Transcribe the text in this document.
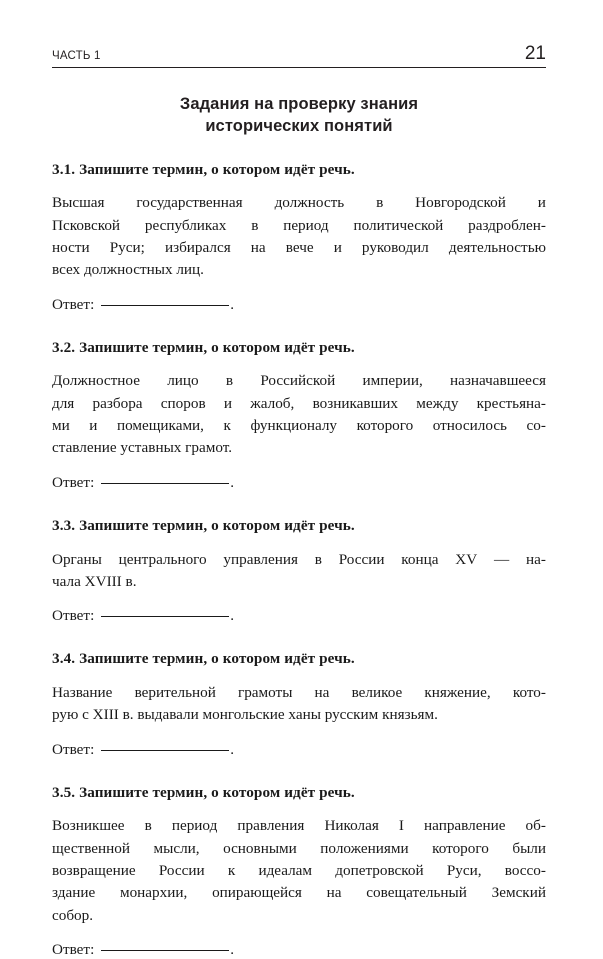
ЧАСТЬ 1	21
Задания на проверку знания
исторических понятий
3.1. Запишите термин, о котором идёт речь.
Высшая государственная должность в Новгородской и
Псковской республиках в период политической раздроблен-
ности Руси; избирался на вече и руководил деятельностью
всех должностных лиц.
Ответ:	.
3.2. Запишите термин, о котором идёт речь.
Должностное лицо в Российской империи, назначавшееся
для разбора споров и жалоб, возникавших между крестьяна-
ми и помещиками, к функционалу которого относилось со-
ставление уставных грамот.
Ответ:	.
3.3. Запишите термин, о котором идёт речь.
Органы центрального управления в России конца XV — на-
чала XVIII в.
Ответ:	.
3.4. Запишите термин, о котором идёт речь.
Название верительной грамоты на великое княжение, кото-
рую с XIII в. выдавали монгольские ханы русским князьям.
Ответ:	.
3.5. Запишите термин, о котором идёт речь.
Возникшее в период правления Николая I направление об-
щественной мысли, основными положениями которого были
возвращение России к идеалам допетровской Руси, воссо-
здание монархии, опирающейся на совещательный Земский
собор.
Ответ:	.
